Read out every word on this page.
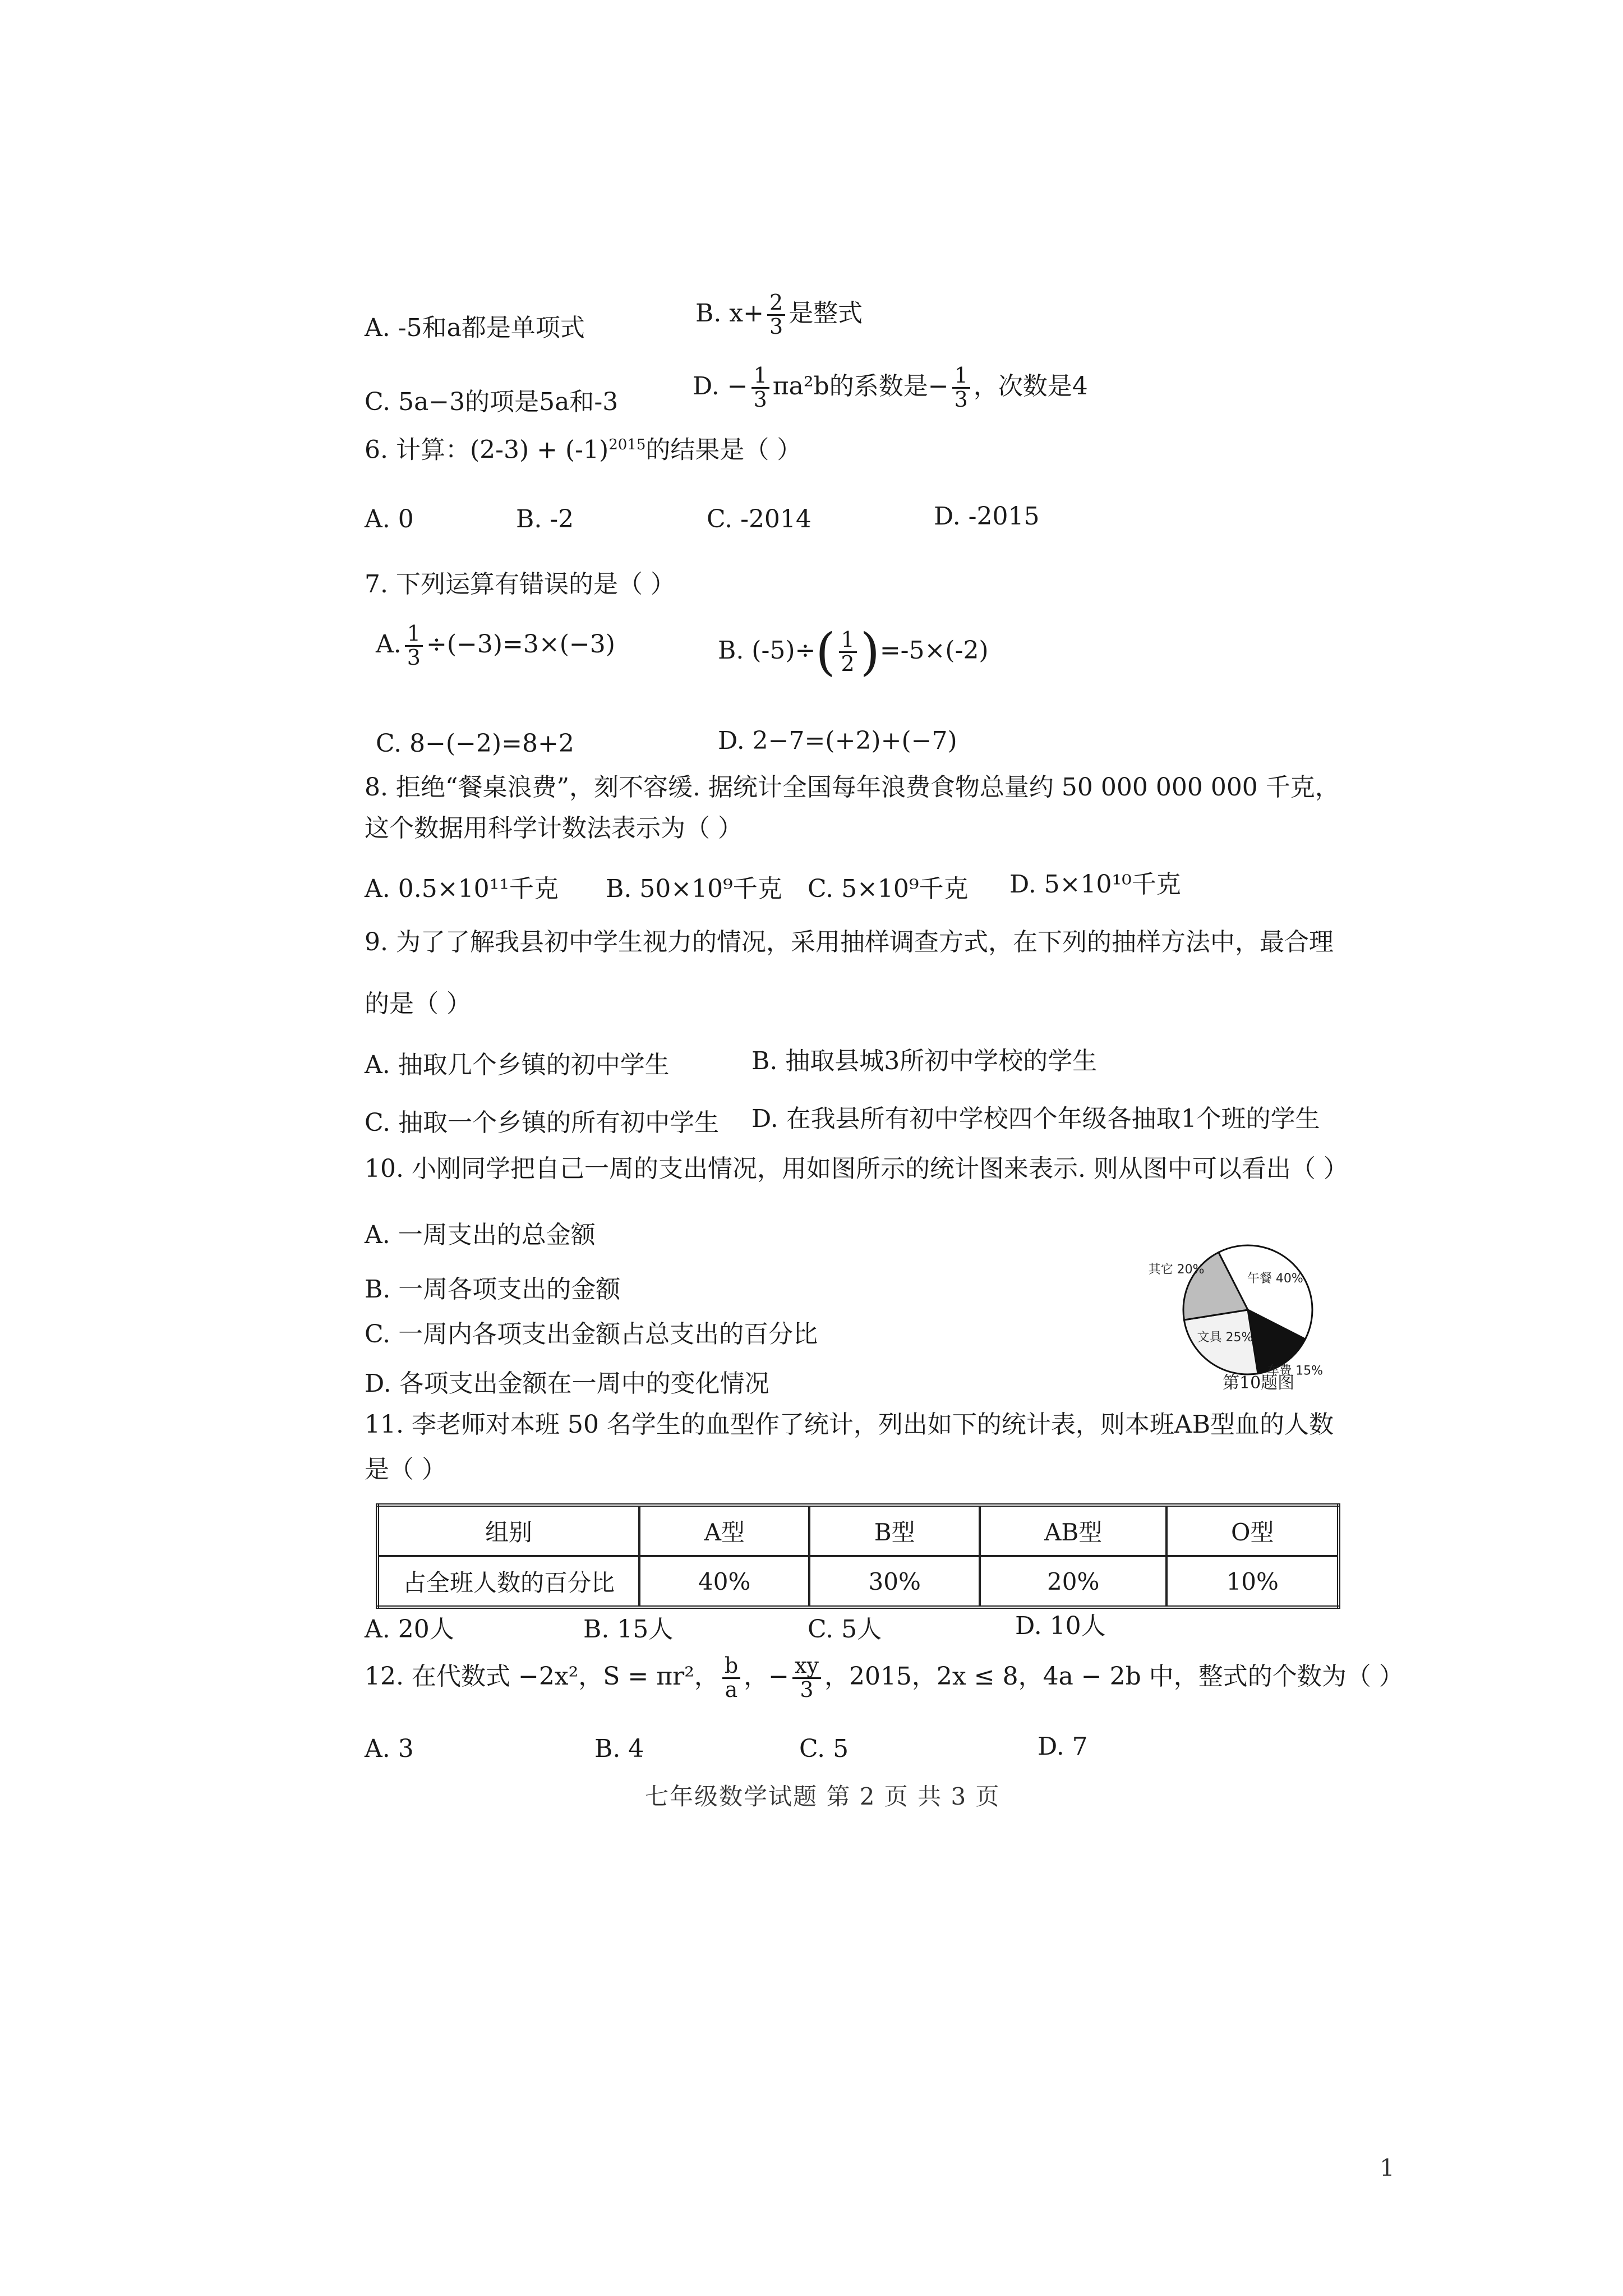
A. -5和a都是单项式
B. $x+ \frac{2}{3}$ 是整式
C. 5a−3的项是5a和-3
D. − $\frac{1}{3} \pi a^2b$的系数是− $\frac{1}{3}$ ，次数是4
6. 计算：$(2-3) + (-1)^{2015}$的结果是（ ）
A. 0	B. -2	C. -2014	D. -2015
7. 下列运算有错误的是（ ）
A. $\frac{1}{3} \div(-3)=3\times(-3)$	B. $(-5)\div( \frac{1}{2} )=-5\times(-2)$
C. 8−(−2)=8+2	D. 2−7=(+2)+(−7)
8. 拒绝“餐桌浪费”，刻不容缓. 据统计全国每年浪费食物总量约 50 000 000 000 千克，
这个数据用科学计数法表示为（ ）
A. 0.5×10¹¹千克 B. 50×10⁹千克 C. 5×10⁹千克 D. 5×10¹⁰千克
9. 为了了解我县初中学生视力的情况，采用抽样调查方式，在下列的抽样方法中，最合理
的是（ ）
A. 抽取几个乡镇的初中学生	B. 抽取县城3所初中学校的学生
C. 抽取一个乡镇的所有初中学生 D. 在我县所有初中学校四个年级各抽取1个班的学生
10. 小刚同学把自己一周的支出情况，用如图所示的统计图来表示. 则从图中可以看出（ ）
A. 一周支出的总金额
B. 一周各项支出的金额
C. 一周内各项支出金额占总支出的百分比
D. 各项支出金额在一周中的变化情况
午餐 40%
车费 15%
文具 25%
其它 20%
第10题图
11. 李老师对本班 50 名学生的血型作了统计，列出如下的统计表，则本班AB型血的人数
是（ ）
组别	A型	B型	AB型	O型
占全班人数的百分比	40%	30%	20%	10%
A. 20人	B. 15人	C. 5人	D. 10人
12. 在代数式 −2x²，S = πr²， $\frac{b}{a}$ ，− $\frac{xy}{3}$ ，2015，2x ≤ 8，4a − 2b 中，整式的个数为（ ）
A. 3	B. 4	C. 5	D. 7
七年级数学试题 第 2 页 共 3 页
1
